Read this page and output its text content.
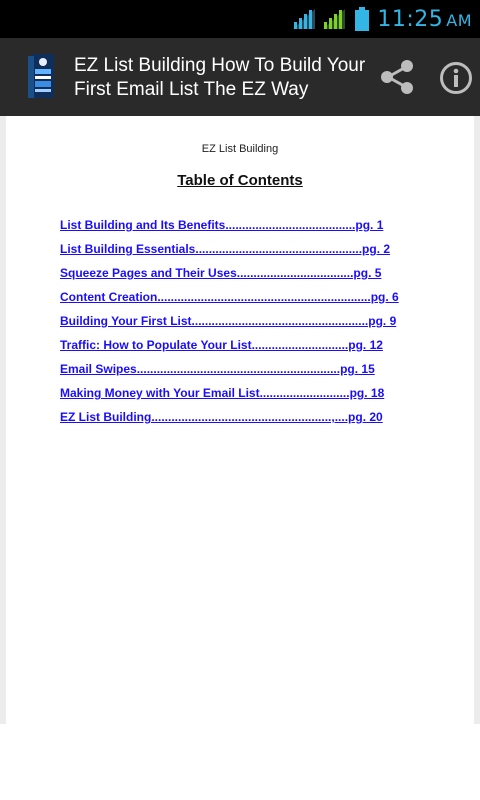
11:25 AM
EZ List Building How To Build Your First Email List The EZ Way
EZ List Building
Table of Contents
List Building and Its Benefits.......................................pg. 1
List Building Essentials..................................................pg. 2
Squeeze Pages and Their Uses...................................pg. 5
Content Creation................................................................pg. 6
Building Your First List.....................................................pg. 9
Traffic: How to Populate Your List.............................pg. 12
Email Swipes.............................................................pg. 15
Making Money with Your Email List...........................pg. 18
EZ List Building......................................................,....pg. 20
